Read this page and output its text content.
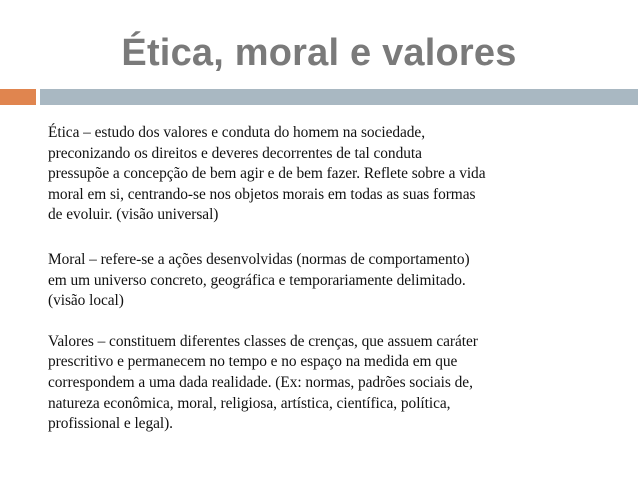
Ética, moral e valores

Ética – estudo dos valores e conduta do homem na sociedade,
preconizando os direitos e deveres decorrentes de tal conduta
pressupõe a concepção de bem agir e de bem fazer. Reflete sobre a vida
moral em si, centrando-se nos objetos morais em todas as suas formas
de evoluir. (visão universal)

Moral – refere-se a ações desenvolvidas (normas de comportamento)
em um universo concreto, geográfica e temporariamente delimitado.
(visão local)

Valores – constituem diferentes classes de crenças, que assuem caráter
prescritivo e permanecem no tempo e no espaço na medida em que
correspondem a uma dada realidade. (Ex: normas, padrões sociais de,
natureza econômica, moral, religiosa, artística, científica, política,
profissional e legal).
